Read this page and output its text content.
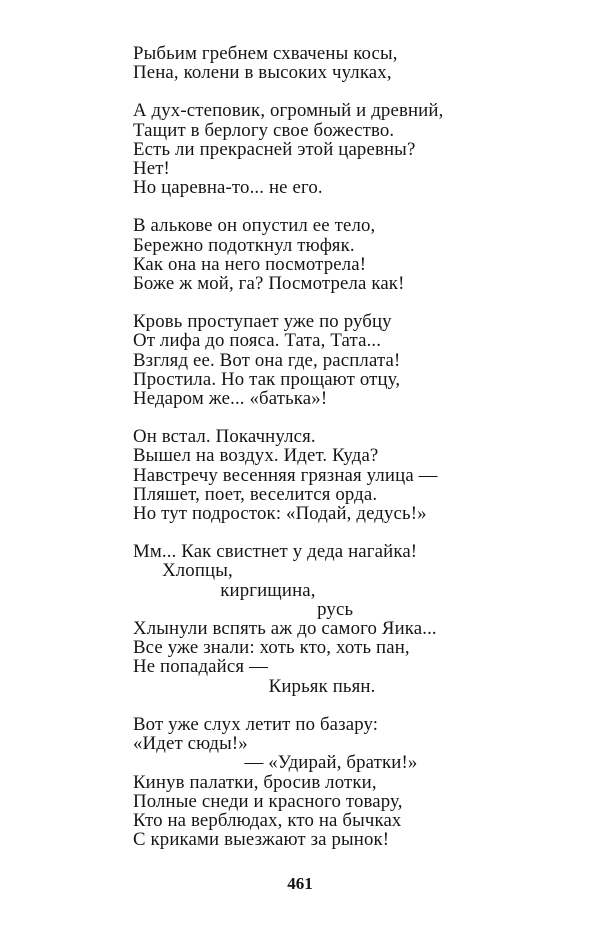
Рыбьим гребнем схвачены косы,
Пена, колени в высоких чулках,
А дух-степовик, огромный и древний,
Тащит в берлогу свое божество.
Есть ли прекрасней этой царевны?
Нет!
Но царевна-то... не его.
В алькове он опустил ее тело,
Бережно подоткнул тюфяк.
Как она на него посмотрела!
Боже ж мой, га? Посмотрела как!
Кровь проступает уже по рубцу
От лифа до пояса. Тата, Тата...
Взгляд ее. Вот она где, расплата!
Простила. Но так прощают отцу,
Недаром же... «батька»!
Он встал. Покачнулся.
Вышел на воздух. Идет. Куда?
Навстречу весенняя грязная улица —
Пляшет, поет, веселится орда.
Но тут подросток: «Подай, дедусь!»
Мм... Как свистнет у деда нагайка!
Хлопцы,
киргищина,
русь
Хлынули вспять аж до самого Яика...
Все уже знали: хоть кто, хоть пан,
Не попадайся —
Кирьяк пьян.
Вот уже слух летит по базару:
«Идет сюды!»
— «Удирай, братки!»
Кинув палатки, бросив лотки,
Полные снеди и красного товару,
Кто на верблюдах, кто на бычках
С криками выезжают за рынок!
461
